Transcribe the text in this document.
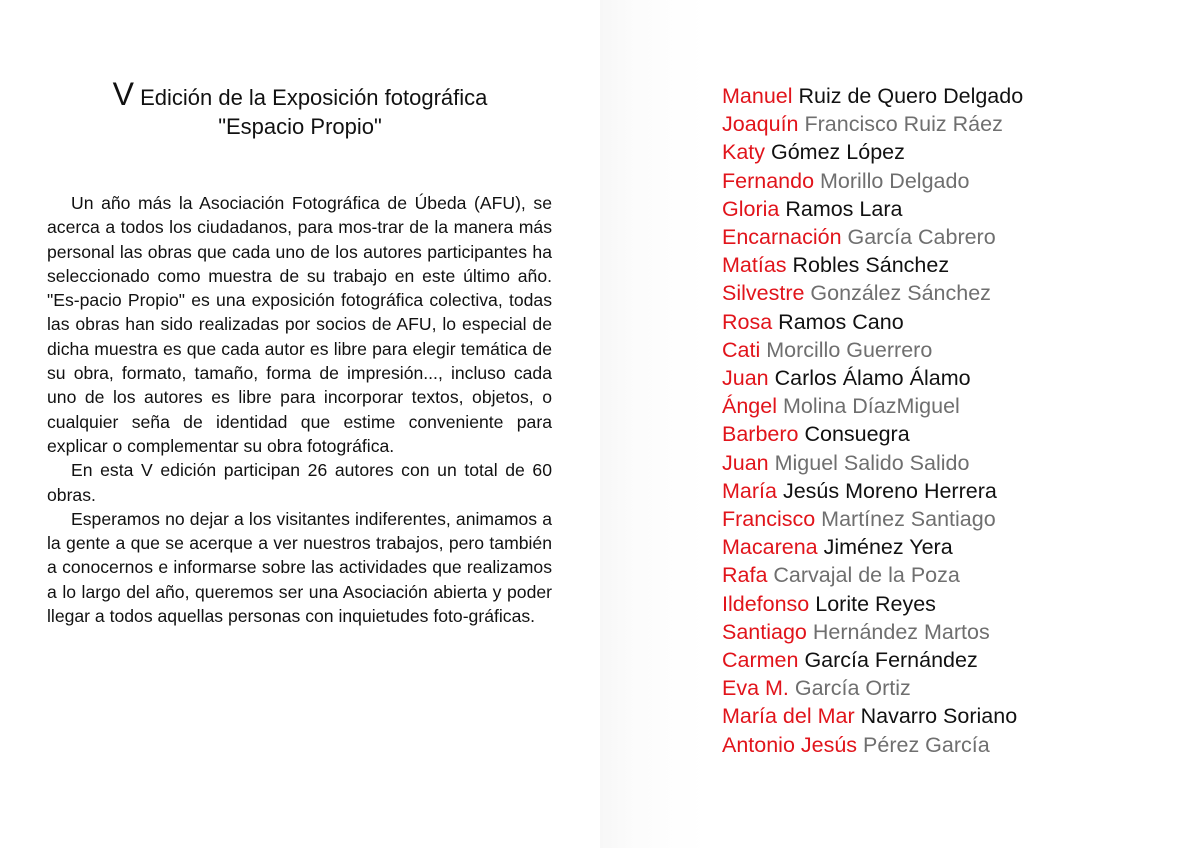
V Edición de la Exposición fotográfica
"Espacio Propio"

Un año más la Asociación Fotográfica de Úbeda (AFU), se acerca a todos los ciudadanos, para mos-trar de la manera más personal las obras que cada uno de los autores participantes ha seleccionado como muestra de su trabajo en este último año. "Es-pacio Propio" es una exposición fotográfica colectiva, todas las obras han sido realizadas por socios de AFU, lo especial de dicha muestra es que cada autor es libre para elegir temática de su obra, formato, tamaño, forma de impresión..., incluso cada uno de los autores es libre para incorporar textos, objetos, o cualquier seña de identidad que estime conveniente para explicar o complementar su obra fotográfica.

En esta V edición participan 26 autores con un total de 60 obras.

Esperamos no dejar a los visitantes indiferentes, animamos a la gente a que se acerque a ver nuestros trabajos, pero también a conocernos e informarse sobre las actividades que realizamos a lo largo del año, queremos ser una Asociación abierta y poder llegar a todos aquellas personas con inquietudes foto-gráficas.

Manuel Ruiz de Quero Delgado
Joaquín Francisco Ruiz Ráez
Katy Gómez López
Fernando Morillo Delgado
Gloria Ramos Lara
Encarnación García Cabrero
Matías Robles Sánchez
Silvestre González Sánchez
Rosa Ramos Cano
Cati Morcillo Guerrero
Juan Carlos Álamo Álamo
Ángel Molina DíazMiguel
Barbero Consuegra
Juan Miguel Salido Salido
María Jesús Moreno Herrera
Francisco Martínez Santiago
Macarena Jiménez Yera
Rafa Carvajal de la Poza
Ildefonso Lorite Reyes
Santiago Hernández Martos
Carmen García Fernández
Eva M. García Ortiz
María del Mar Navarro Soriano
Antonio Jesús Pérez García
